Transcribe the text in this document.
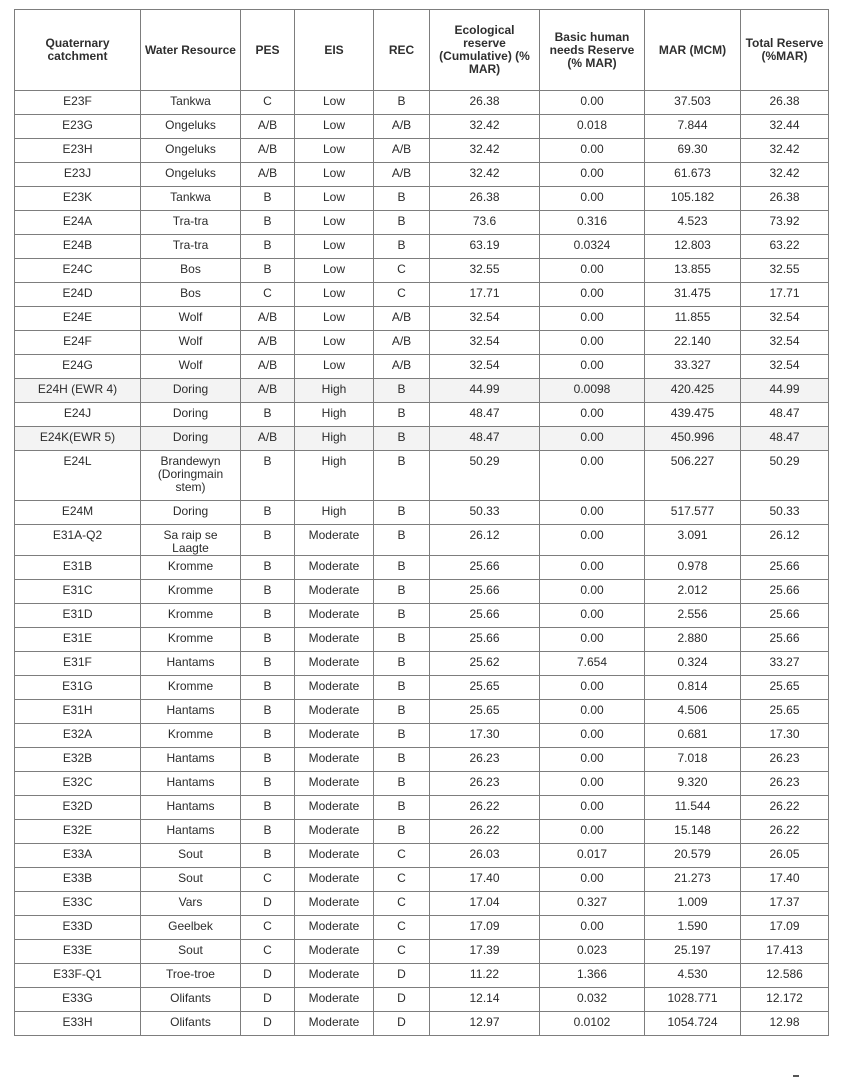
Quaternary catchment	Water Resource	PES	EIS	REC	Ecological reserve (Cumulative) (% MAR)	Basic human needs Reserve (% MAR)	MAR (MCM)	Total Reserve (%MAR)
E23F	Tankwa	C	Low	B	26.38	0.00	37.503	26.38
E23G	Ongeluks	A/B	Low	A/B	32.42	0.018	7.844	32.44
E23H	Ongeluks	A/B	Low	A/B	32.42	0.00	69.30	32.42
E23J	Ongeluks	A/B	Low	A/B	32.42	0.00	61.673	32.42
E23K	Tankwa	B	Low	B	26.38	0.00	105.182	26.38
E24A	Tra-tra	B	Low	B	73.6	0.316	4.523	73.92
E24B	Tra-tra	B	Low	B	63.19	0.0324	12.803	63.22
E24C	Bos	B	Low	C	32.55	0.00	13.855	32.55
E24D	Bos	C	Low	C	17.71	0.00	31.475	17.71
E24E	Wolf	A/B	Low	A/B	32.54	0.00	11.855	32.54
E24F	Wolf	A/B	Low	A/B	32.54	0.00	22.140	32.54
E24G	Wolf	A/B	Low	A/B	32.54	0.00	33.327	32.54
E24H (EWR 4)	Doring	A/B	High	B	44.99	0.0098	420.425	44.99
E24J	Doring	B	High	B	48.47	0.00	439.475	48.47
E24K(EWR 5)	Doring	A/B	High	B	48.47	0.00	450.996	48.47
E24L	Brandewyn (Doringmain stem)	B	High	B	50.29	0.00	506.227	50.29
E24M	Doring	B	High	B	50.33	0.00	517.577	50.33
E31A-Q2	Sa raip se Laagte	B	Moderate	B	26.12	0.00	3.091	26.12
E31B	Kromme	B	Moderate	B	25.66	0.00	0.978	25.66
E31C	Kromme	B	Moderate	B	25.66	0.00	2.012	25.66
E31D	Kromme	B	Moderate	B	25.66	0.00	2.556	25.66
E31E	Kromme	B	Moderate	B	25.66	0.00	2.880	25.66
E31F	Hantams	B	Moderate	B	25.62	7.654	0.324	33.27
E31G	Kromme	B	Moderate	B	25.65	0.00	0.814	25.65
E31H	Hantams	B	Moderate	B	25.65	0.00	4.506	25.65
E32A	Kromme	B	Moderate	B	17.30	0.00	0.681	17.30
E32B	Hantams	B	Moderate	B	26.23	0.00	7.018	26.23
E32C	Hantams	B	Moderate	B	26.23	0.00	9.320	26.23
E32D	Hantams	B	Moderate	B	26.22	0.00	11.544	26.22
E32E	Hantams	B	Moderate	B	26.22	0.00	15.148	26.22
E33A	Sout	B	Moderate	C	26.03	0.017	20.579	26.05
E33B	Sout	C	Moderate	C	17.40	0.00	21.273	17.40
E33C	Vars	D	Moderate	C	17.04	0.327	1.009	17.37
E33D	Geelbek	C	Moderate	C	17.09	0.00	1.590	17.09
E33E	Sout	C	Moderate	C	17.39	0.023	25.197	17.413
E33F-Q1	Troe-troe	D	Moderate	D	11.22	1.366	4.530	12.586
E33G	Olifants	D	Moderate	D	12.14	0.032	1028.771	12.172
E33H	Olifants	D	Moderate	D	12.97	0.0102	1054.724	12.98
